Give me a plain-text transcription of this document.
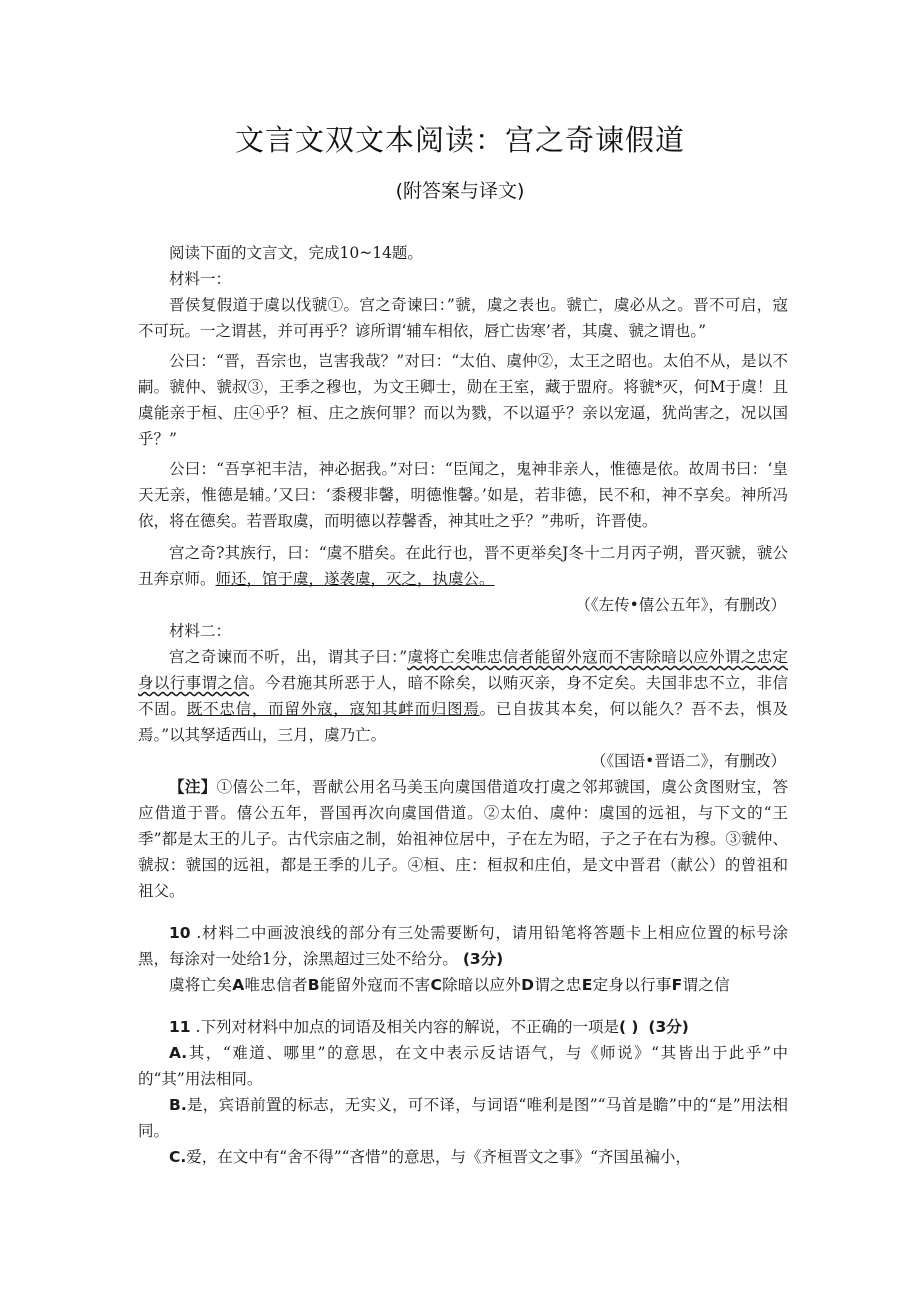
文言文双文本阅读：宫之奇谏假道
(附答案与译文)

阅读下面的文言文，完成10~14题。

材料一：

晋侯复假道于虞以伐虢①。宫之奇谏曰：”虢，虞之表也。虢亡，虞必从之。晋不可启，寇不可玩。一之谓甚，并可再乎？谚所谓‘辅车相依，唇亡齿寒’者，其虞、虢之谓也。”

公曰：“晋，吾宗也，岂害我哉？”对曰：“太伯、虞仲②，太王之昭也。太伯不从，是以不嗣。虢仲、虢叔③，王季之穆也，为文王卿士，勋在王室，藏于盟府。将虢*灭，何M于虞！且虞能亲于桓、庄④乎？桓、庄之族何罪？而以为戮，不以逼乎？亲以宠逼，犹尚害之，况以国乎？”

公曰：“吾享祀丰洁，神必据我。”对曰：“臣闻之，鬼神非亲人，惟德是依。故周书曰：‘皇天无亲，惟德是辅。’又曰：‘黍稷非馨，明德惟馨。’如是，若非德，民不和，神不享矣。神所冯依，将在德矣。若晋取虞，而明德以荐馨香，神其吐之乎？”弗听，许晋使。

宫之奇?其族行，曰：“虞不腊矣。在此行也，晋不更举矣J冬十二月丙子朔，晋灭虢，虢公丑奔京师。师还，馆于虞，遂袭虞，灭之，执虞公。

（《左传•僖公五年》，有删改）

材料二：

宫之奇谏而不听，出，谓其子曰：”虞将亡矣唯忠信者能留外寇而不害除暗以应外谓之忠定身以行事谓之信。今君施其所恶于人，暗不除矣，以贿灭亲，身不定矣。夫国非忠不立，非信不固。既不忠信，而留外寇，寇知其衅而归图焉。已自拔其本矣，何以能久？吾不去，惧及焉。”以其孥适西山，三月，虞乃亡。

（《国语•晋语二》，有删改）

【注】①僖公二年，晋献公用名马美玉向虞国借道攻打虞之邻邦虢国，虞公贪图财宝，答应借道于晋。僖公五年，晋国再次向虞国借道。②太伯、虞仲：虞国的远祖，与下文的“王季”都是太王的儿子。古代宗庙之制，始祖神位居中，子在左为昭，子之子在右为穆。③虢仲、虢叔：虢国的远祖，都是王季的儿子。④桓、庄：桓叔和庄伯，是文中晋君（献公）的曾祖和祖父。

10 .材料二中画波浪线的部分有三处需要断句，请用铅笔将答题卡上相应位置的标号涂黑，每涂对一处给1分，涂黑超过三处不给分。 (3分)

虞将亡矣A唯忠信者B能留外寇而不害C除暗以应外D谓之忠E定身以行事F谓之信

11 .下列对材料中加点的词语及相关内容的解说，不正确的一项是( ) (3分)

A.其，“难道、哪里”的意思，在文中表示反诘语气，与《师说》“其皆出于此乎”中的“其”用法相同。

B.是，宾语前置的标志，无实义，可不译，与词语“唯利是图”“马首是瞻”中的“是”用法相同。

C.爱，在文中有“舍不得”“吝惜”的意思，与《齐桓晋文之事》“齐国虽褊小，
